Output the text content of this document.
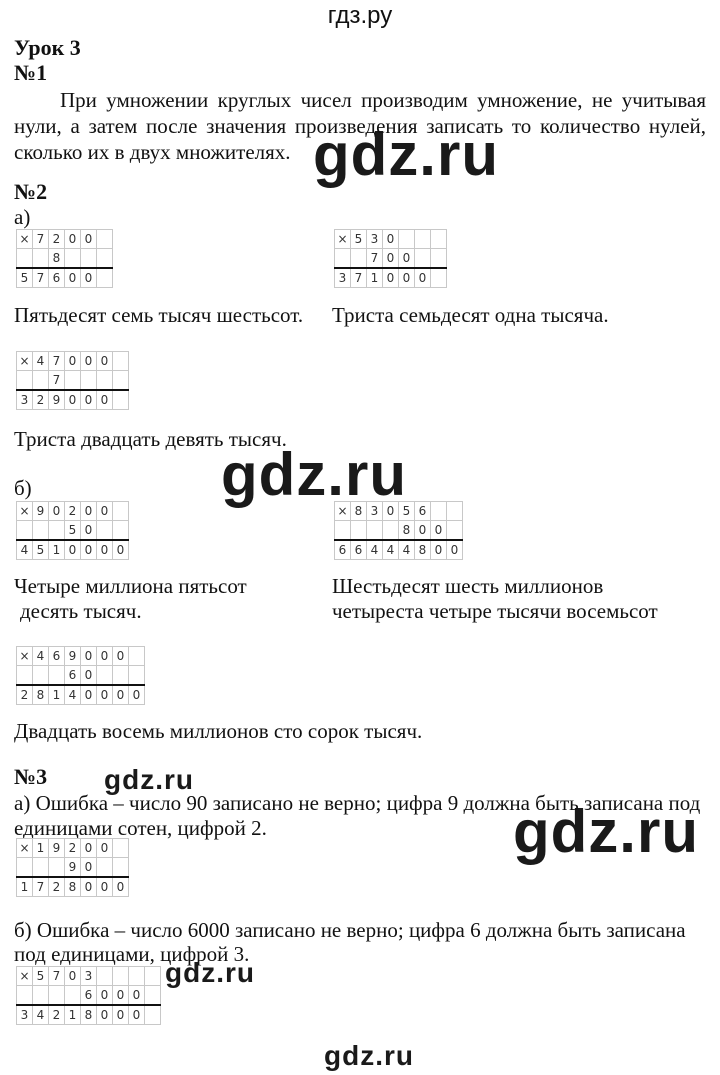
гдз.ру
gdz.ru
gdz.ru
gdz.ru
gdz.ru
gdz.ru
gdz.ru
Урок 3
№1
При умножении круглых чисел производим умножение, не учитывая нули, а затем после значения произведения записать то количество нулей, сколько их в двух множителях.
№2
а)
×	7	2	0	0	
		8			
5	7	6	0	0	
×	5	3	0			
		7	0	0		
3	7	1	0	0	0	
Пятьдесят семь тысяч шестьсот. Триста семьдесят одна тысяча.
×	4	7	0	0	0	
		7				
3	2	9	0	0	0	
Триста двадцать девять тысяч.
б)
×	9	0	2	0	0	
			5	0		
4	5	1	0	0	0	0
×	8	3	0	5	6		
				8	0	0	
6	6	4	4	4	8	0	0
Четыре миллиона пятьсот
десять тысяч.
Шестьдесят шесть миллионов
четыреста четыре тысячи восемьсот
×	4	6	9	0	0	0	
			6	0			
2	8	1	4	0	0	0	0
Двадцать восемь миллионов сто сорок тысяч.
№3
а) Ошибка – число 90 записано не верно; цифра 9 должна быть записана под
единицами сотен, цифрой 2.
×	1	9	2	0	0	
			9	0		
1	7	2	8	0	0	0
б) Ошибка – число 6000 записано не верно; цифра 6 должна быть записана
под единицами, цифрой 3.
×	5	7	0	3				
				6	0	0	0	
3	4	2	1	8	0	0	0	
